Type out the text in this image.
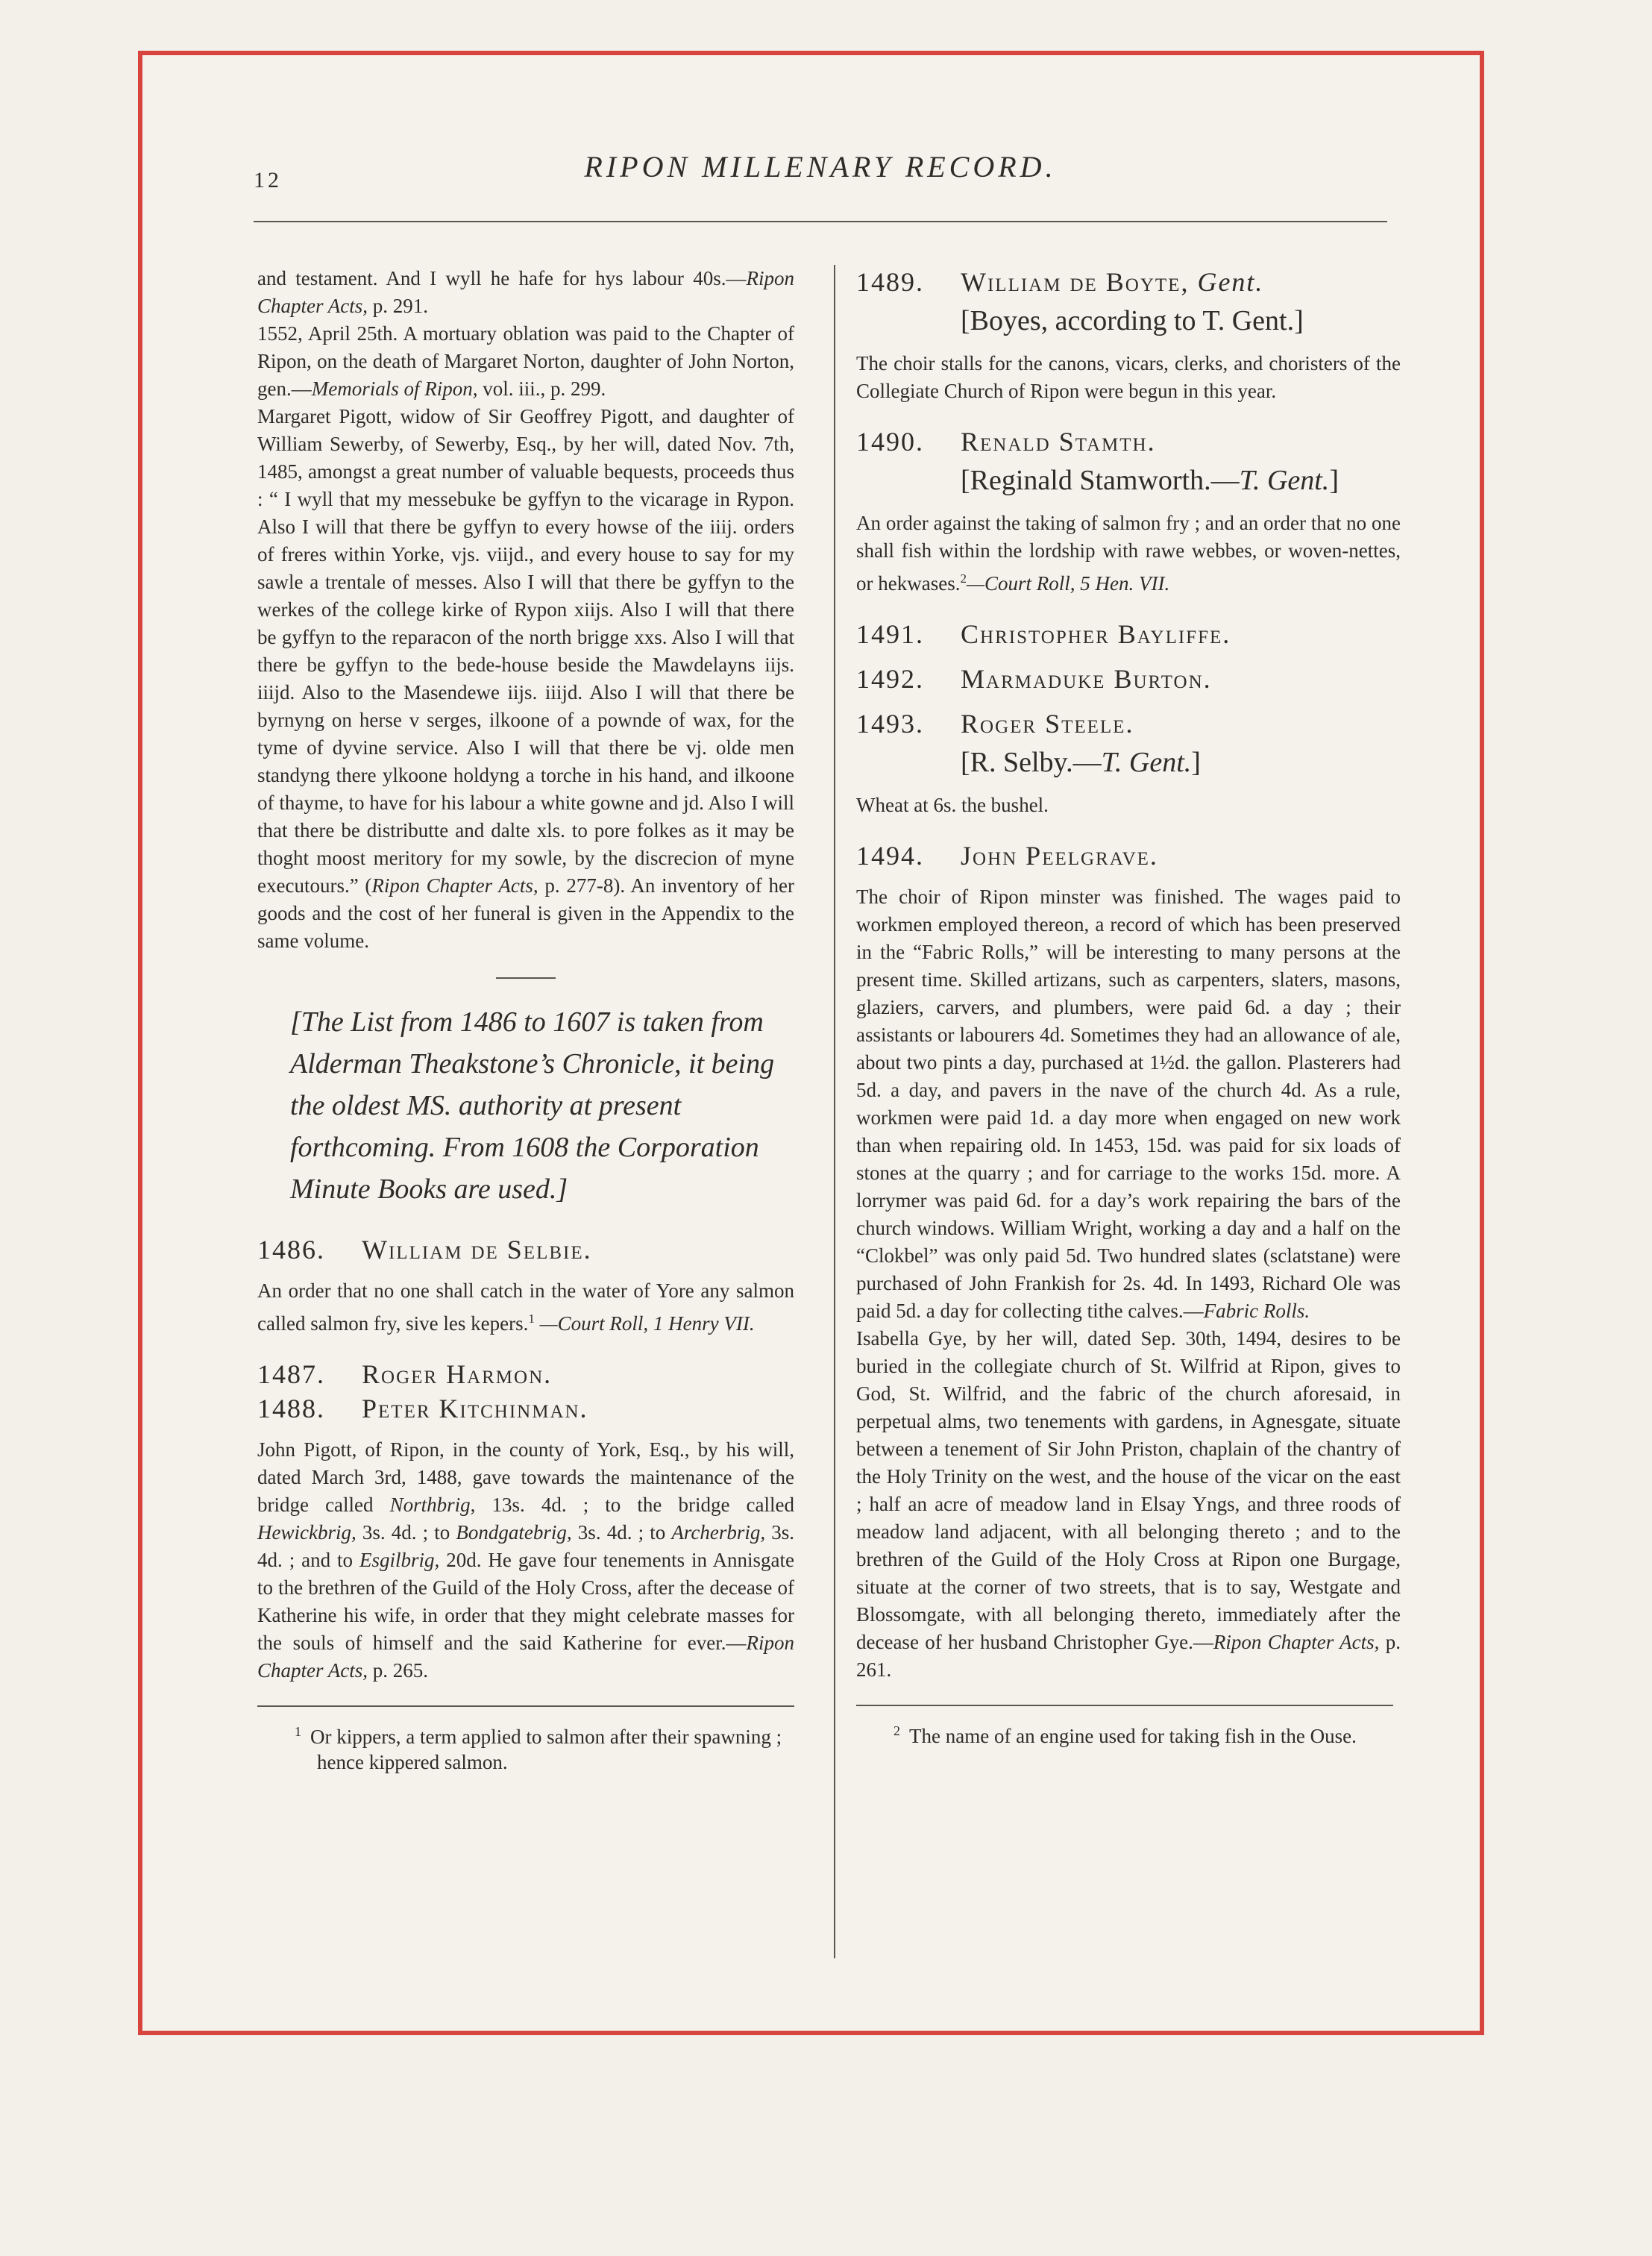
12	RIPON MILLENARY RECORD.

and testament. And I wyll he hafe for hys labour 40s.—Ripon Chapter Acts, p. 291.

1552, April 25th. A mortuary oblation was paid to the Chapter of Ripon, on the death of Margaret Norton, daughter of John Norton, gen.—Memorials of Ripon, vol. iii., p. 299.

Margaret Pigott, widow of Sir Geoffrey Pigott, and daughter of William Sewerby, of Sewerby, Esq., by her will, dated Nov. 7th, 1485, amongst a great number of valuable bequests, proceeds thus : “ I wyll that my messebuke be gyffyn to the vicarage in Rypon. Also I will that there be gyffyn to every howse of the iiij. orders of freres within Yorke, vjs. viijd., and every house to say for my sawle a trentale of messes. Also I will that there be gyffyn to the werkes of the college kirke of Rypon xiijs. Also I will that there be gyffyn to the reparacon of the north brigge xxs. Also I will that there be gyffyn to the bede-house beside the Mawdelayns iijs. iiijd. Also to the Masendewe iijs. iiijd. Also I will that there be byrnyng on herse v serges, ilkoone of a pownde of wax, for the tyme of dyvine service. Also I will that there be vj. olde men standyng there ylkoone holdyng a torche in his hand, and ilkoone of thayme, to have for his labour a white gowne and jd. Also I will that there be distributte and dalte xls. to pore folkes as it may be thoght moost meritory for my sowle, by the discrecion of myne executours.” (Ripon Chapter Acts, p. 277-8). An inventory of her goods and the cost of her funeral is given in the Appendix to the same volume.

[The List from 1486 to 1607 is taken from Alderman Theakstone’s Chronicle, it being the oldest MS. authority at present forthcoming. From 1608 the Corporation Minute Books are used.]
1486. William de Selbie.

An order that no one shall catch in the water of Yore any salmon called salmon fry, sive les kepers.$^1$ —Court Roll, 1 Henry VII.

1487. Roger Harmon.
1488. Peter Kitchinman.

John Pigott, of Ripon, in the county of York, Esq., by his will, dated March 3rd, 1488, gave towards the maintenance of the bridge called Northbrig, 13s. 4d. ; to the bridge called Hewickbrig, 3s. 4d. ; to Bondgatebrig, 3s. 4d. ; to Archerbrig, 3s. 4d. ; and to Esgilbrig, 20d. He gave four tenements in Annisgate to the brethren of the Guild of the Holy Cross, after the decease of Katherine his wife, in order that they might celebrate masses for the souls of himself and the said Katherine for ever.—Ripon Chapter Acts, p. 265.

$^1$ Or kippers, a term applied to salmon after their spawning ; hence kippered salmon.

1489. William de Boyte, Gent.
[Boyes, according to T. Gent.]

The choir stalls for the canons, vicars, clerks, and choristers of the Collegiate Church of Ripon were begun in this year.

1490. Renald Stamth.
[Reginald Stamworth.—T. Gent.]

An order against the taking of salmon fry ; and an order that no one shall fish within the lordship with rawe webbes, or woven-nettes, or hekwases.$^2$—Court Roll, 5 Hen. VII.

1491. Christopher Bayliffe.
1492. Marmaduke Burton.
1493. Roger Steele.
[R. Selby.—T. Gent.]

Wheat at 6s. the bushel.

1494. John Peelgrave.

The choir of Ripon minster was finished. The wages paid to workmen employed thereon, a record of which has been preserved in the “Fabric Rolls,” will be interesting to many persons at the present time. Skilled artizans, such as carpenters, slaters, masons, glaziers, carvers, and plumbers, were paid 6d. a day ; their assistants or labourers 4d. Sometimes they had an allowance of ale, about two pints a day, purchased at 1½d. the gallon. Plasterers had 5d. a day, and pavers in the nave of the church 4d. As a rule, workmen were paid 1d. a day more when engaged on new work than when repairing old. In 1453, 15d. was paid for six loads of stones at the quarry ; and for carriage to the works 15d. more. A lorrymer was paid 6d. for a day’s work repairing the bars of the church windows. William Wright, working a day and a half on the “Clokbel” was only paid 5d. Two hundred slates (sclatstane) were purchased of John Frankish for 2s. 4d. In 1493, Richard Ole was paid 5d. a day for collecting tithe calves.—Fabric Rolls.

Isabella Gye, by her will, dated Sep. 30th, 1494, desires to be buried in the collegiate church of St. Wilfrid at Ripon, gives to God, St. Wilfrid, and the fabric of the church aforesaid, in perpetual alms, two tenements with gardens, in Agnesgate, situate between a tenement of Sir John Priston, chaplain of the chantry of the Holy Trinity on the west, and the house of the vicar on the east ; half an acre of meadow land in Elsay Yngs, and three roods of meadow land adjacent, with all belonging thereto ; and to the brethren of the Guild of the Holy Cross at Ripon one Burgage, situate at the corner of two streets, that is to say, Westgate and Blossomgate, with all belonging thereto, immediately after the decease of her husband Christopher Gye.—Ripon Chapter Acts, p. 261.

$^2$ The name of an engine used for taking fish in the Ouse.
